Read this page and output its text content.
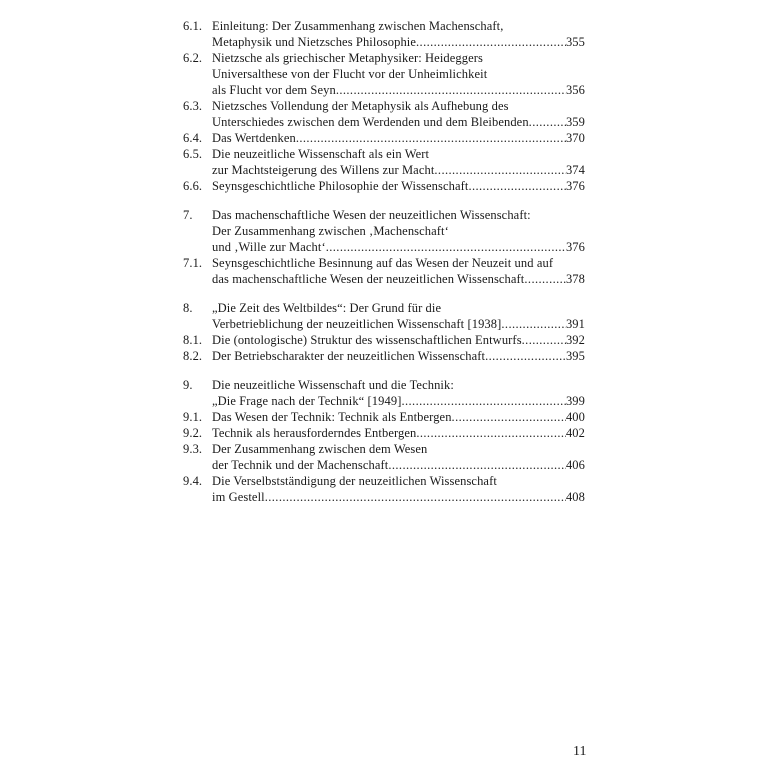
6.1. Einleitung: Der Zusammenhang zwischen Machenschaft,
Metaphysik und Nietzsches Philosophie .....	355
6.2. Nietzsche als griechischer Metaphysiker: Heideggers
Universalthese von der Flucht vor der Unheimlichkeit
als Flucht vor dem Seyn .....	356
6.3. Nietzsches Vollendung der Metaphysik als Aufhebung des
Unterschiedes zwischen dem Werdenden und dem Bleibenden .....	359
6.4. Das Wertdenken .....	370
6.5. Die neuzeitliche Wissenschaft als ein Wert
zur Machtsteigerung des Willens zur Macht .....	374
6.6. Seynsgeschichtliche Philosophie der Wissenschaft .....	376
7.	Das machenschaftliche Wesen der neuzeitlichen Wissenschaft:
Der Zusammenhang zwischen ‚Machenschaft‘
und ‚Wille zur Macht‘ .....	376
7.1. Seynsgeschichtliche Besinnung auf das Wesen der Neuzeit und auf
das machenschaftliche Wesen der neuzeitlichen Wissenschaft .....	378
8.	„Die Zeit des Weltbildes“: Der Grund für die
Verbetrieblichung der neuzeitlichen Wissenschaft [1938] .....	391
8.1. Die (ontologische) Struktur des wissenschaftlichen Entwurfs .....	392
8.2. Der Betriebscharakter der neuzeitlichen Wissenschaft .....	395
9.	Die neuzeitliche Wissenschaft und die Technik:
„Die Frage nach der Technik“ [1949] .....	399
9.1. Das Wesen der Technik: Technik als Entbergen .....	400
9.2. Technik als herausforderndes Entbergen .....	402
9.3. Der Zusammenhang zwischen dem Wesen
der Technik und der Machenschaft .....	406
9.4. Die Verselbstständigung der neuzeitlichen Wissenschaft
im Gestell .....	408
11
